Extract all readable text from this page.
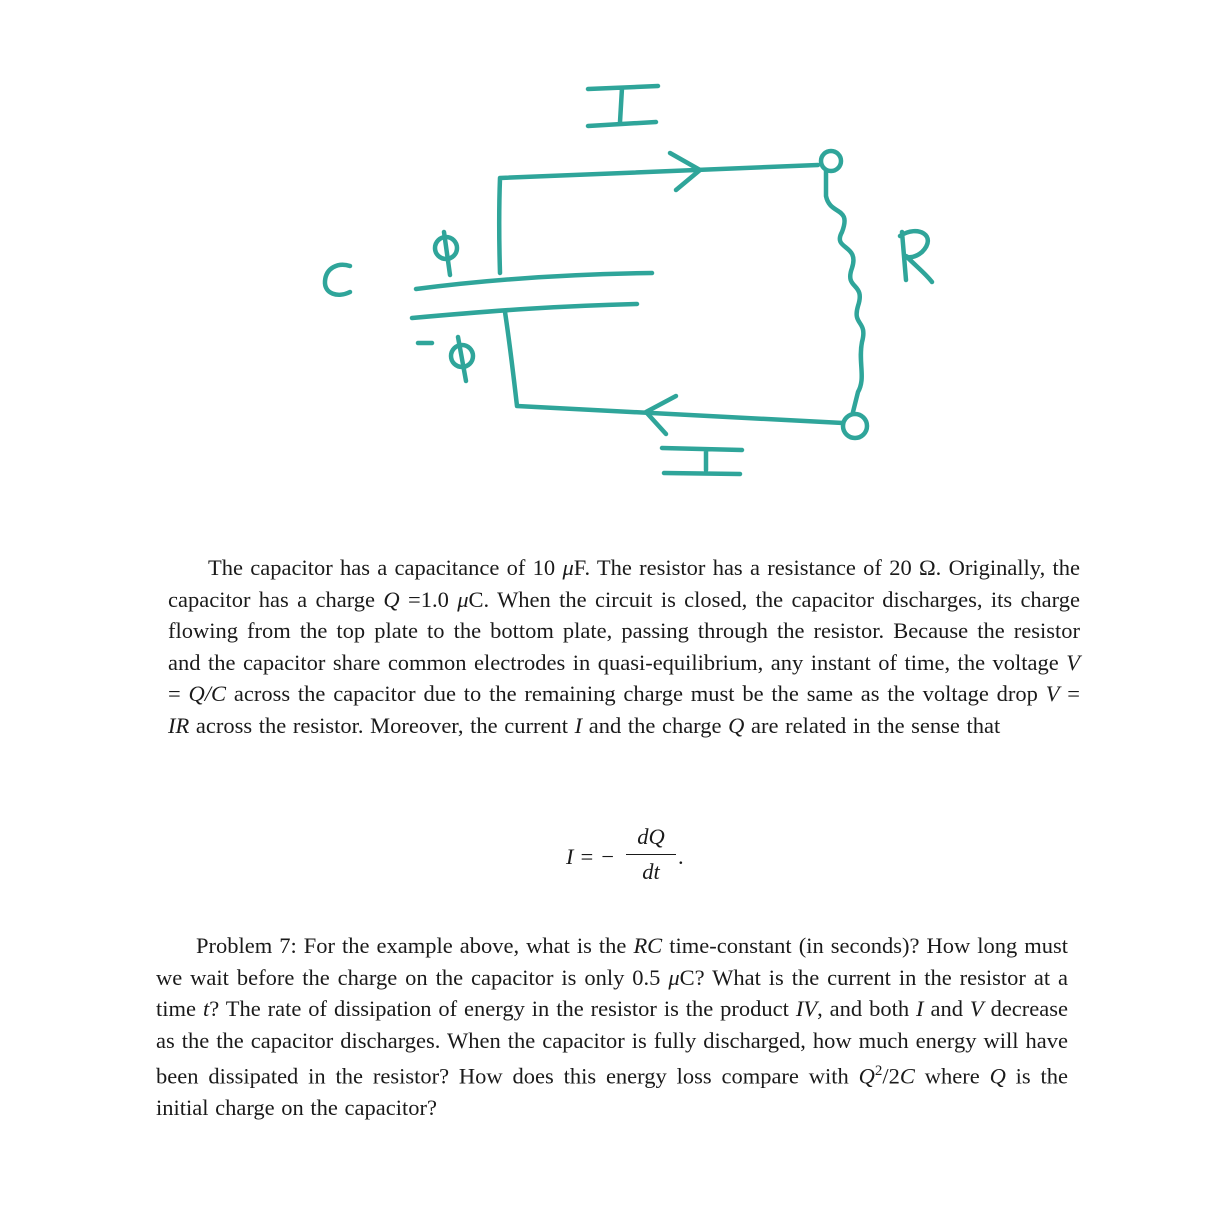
The capacitor has a capacitance of 10 μF. The resistor has a resistance of 20 Ω. Originally, the capacitor has a charge Q =1.0 μC. When the circuit is closed, the capacitor discharges, its charge flowing from the top plate to the bottom plate, passing through the resistor. Because the resistor and the capacitor share common electrodes in quasi-equilibrium, any instant of time, the voltage V = Q/C across the capacitor due to the remaining charge must be the same as the voltage drop V = IR across the resistor. Moreover, the current I and the charge Q are related in the sense that

I = −
dQ
dt
.

Problem 7: For the example above, what is the RC time-constant (in seconds)? How long must we wait before the charge on the capacitor is only 0.5 μC? What is the current in the resistor at a time t? The rate of dissipation of energy in the resistor is the product IV, and both I and V decrease as the the capacitor discharges. When the capacitor is fully discharged, how much energy will have been dissipated in the resistor? How does this energy loss compare with $Q^2/2C$ where Q is the initial charge on the capacitor?
